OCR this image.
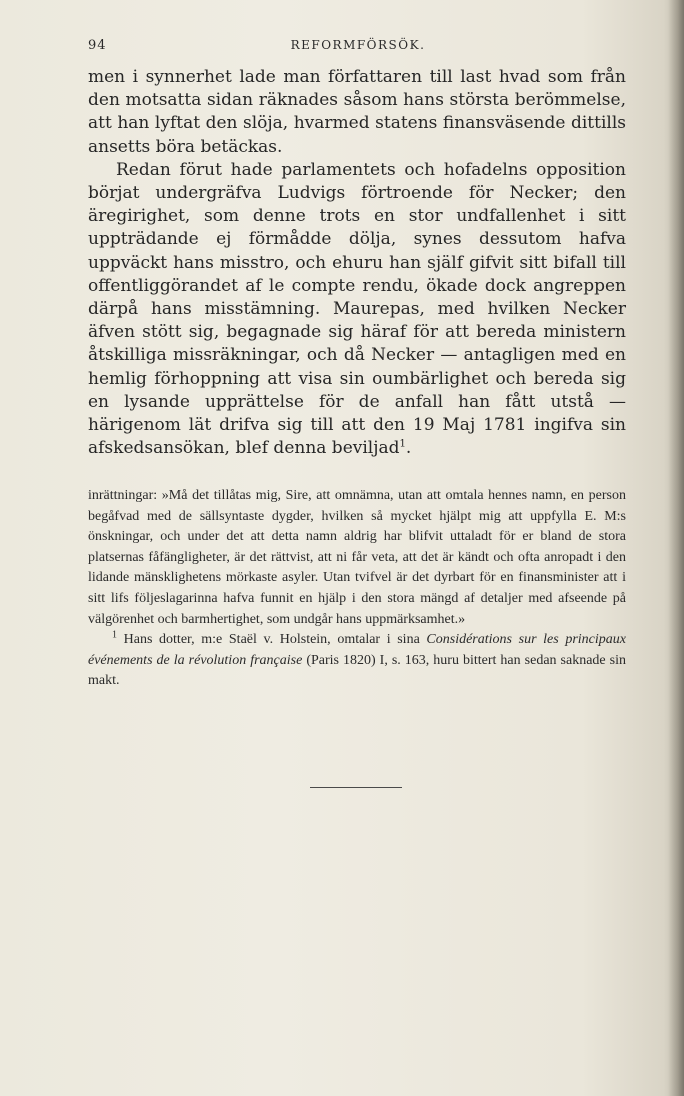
94	REFORMFÖRSÖK.

men i synnerhet lade man författaren till last hvad som från den motsatta sidan räknades såsom hans största berömmelse, att han lyftat den slöja, hvarmed statens finansväsende dittills ansetts böra betäckas.

Redan förut hade parlamentets och hofadelns opposition börjat undergräfva Ludvigs förtroende för Necker; den äregirighet, som denne trots en stor undfallenhet i sitt uppträdande ej förmådde dölja, synes dessutom hafva uppväckt hans misstro, och ehuru han själf gifvit sitt bifall till offentliggörandet af le compte rendu, ökade dock angreppen därpå hans misstämning. Maurepas, med hvilken Necker äfven stött sig, begagnade sig häraf för att bereda ministern åtskilliga missräkningar, och då Necker — antagligen med en hemlig förhoppning att visa sin oumbärlighet och bereda sig en lysande upprättelse för de anfall han fått utstå — härigenom lät drifva sig till att den 19 Maj 1781 ingifva sin afskedsansökan, blef denna beviljad$^1$.

inrättningar: »Må det tillåtas mig, Sire, att omnämna, utan att omtala hennes namn, en person begåfvad med de sällsyntaste dygder, hvilken så mycket hjälpt mig att uppfylla E. M:s önskningar, och under det att detta namn aldrig har blifvit uttaladt för er bland de stora platsernas fåfängligheter, är det rättvist, att ni får veta, att det är kändt och ofta anropadt i den lidande mänsklighetens mörkaste asyler. Utan tvifvel är det dyrbart för en finansminister att i sitt lifs följeslagarinna hafva funnit en hjälp i den stora mängd af detaljer med afseende på välgörenhet och barmhertighet, som undgår hans uppmärksamhet.»

$^1$ Hans dotter, m:e Staël v. Holstein, omtalar i sina Considérations sur les principaux événements de la révolution française (Paris 1820) I, s. 163, huru bittert han sedan saknade sin makt.
